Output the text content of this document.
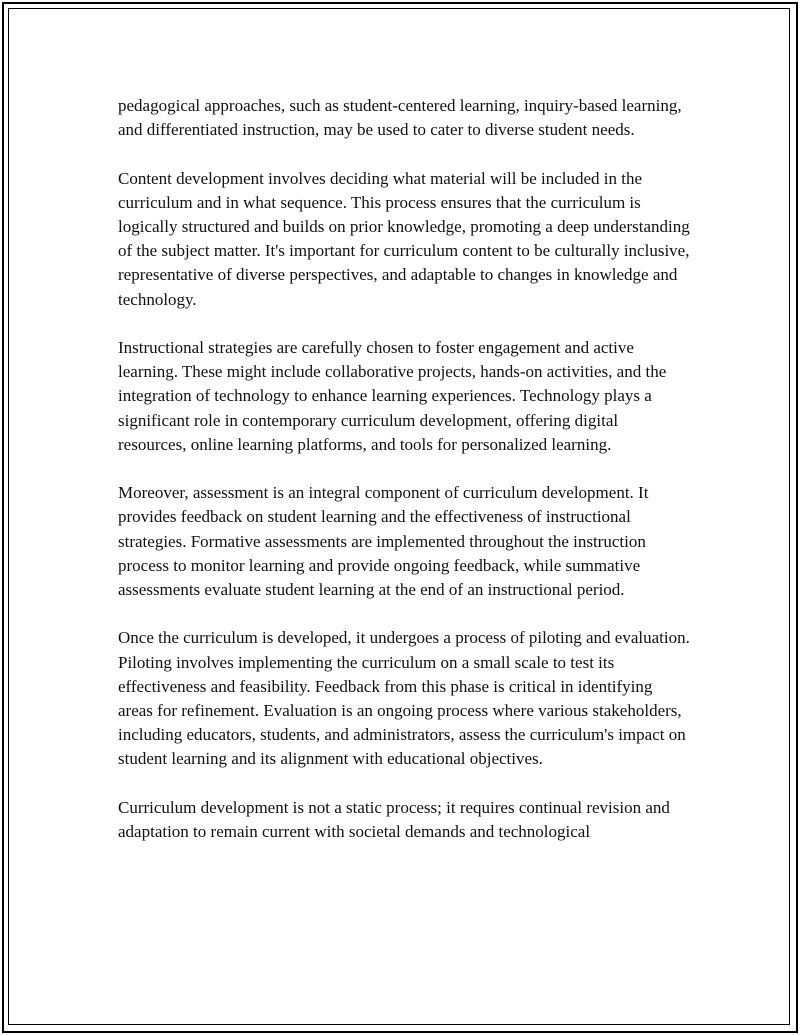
pedagogical approaches, such as student-centered learning, inquiry-based learning, and differentiated instruction, may be used to cater to diverse student needs.

Content development involves deciding what material will be included in the curriculum and in what sequence. This process ensures that the curriculum is logically structured and builds on prior knowledge, promoting a deep understanding of the subject matter. It's important for curriculum content to be culturally inclusive, representative of diverse perspectives, and adaptable to changes in knowledge and technology.

Instructional strategies are carefully chosen to foster engagement and active learning. These might include collaborative projects, hands-on activities, and the integration of technology to enhance learning experiences. Technology plays a significant role in contemporary curriculum development, offering digital resources, online learning platforms, and tools for personalized learning.

Moreover, assessment is an integral component of curriculum development. It provides feedback on student learning and the effectiveness of instructional strategies. Formative assessments are implemented throughout the instruction process to monitor learning and provide ongoing feedback, while summative assessments evaluate student learning at the end of an instructional period.

Once the curriculum is developed, it undergoes a process of piloting and evaluation. Piloting involves implementing the curriculum on a small scale to test its effectiveness and feasibility. Feedback from this phase is critical in identifying areas for refinement. Evaluation is an ongoing process where various stakeholders, including educators, students, and administrators, assess the curriculum's impact on student learning and its alignment with educational objectives.

Curriculum development is not a static process; it requires continual revision and adaptation to remain current with societal demands and technological
